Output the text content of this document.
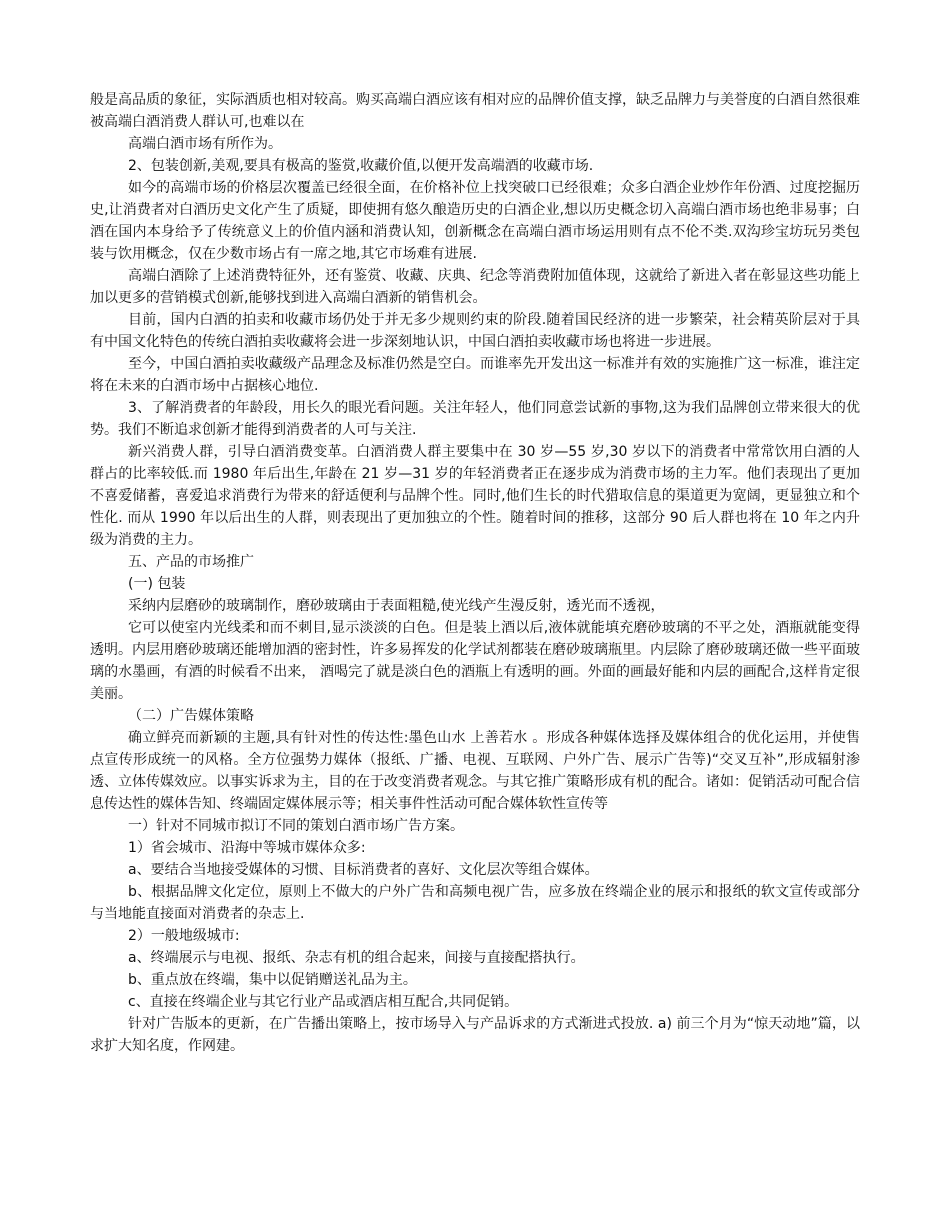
般是高品质的象征，实际酒质也相对较高。购买高端白酒应该有相对应的品牌价值支撑，缺乏品牌力与美誉度的白酒自然很难被高端白酒消费人群认可,也难以在

高端白酒市场有所作为。

2、包装创新,美观,要具有极高的鉴赏,收藏价值,以便开发高端酒的收藏市场.

如今的高端市场的价格层次覆盖已经很全面，在价格补位上找突破口已经很难；众多白酒企业炒作年份酒、过度挖掘历史,让消费者对白酒历史文化产生了质疑，即使拥有悠久酿造历史的白酒企业,想以历史概念切入高端白酒市场也绝非易事；白酒在国内本身给予了传统意义上的价值内涵和消费认知，创新概念在高端白酒市场运用则有点不伦不类.双沟珍宝坊玩另类包装与饮用概念，仅在少数市场占有一席之地,其它市场难有进展.

高端白酒除了上述消费特征外，还有鉴赏、收藏、庆典、纪念等消费附加值体现，这就给了新进入者在彰显这些功能上加以更多的营销模式创新,能够找到进入高端白酒新的销售机会。

目前，国内白酒的拍卖和收藏市场仍处于并无多少规则约束的阶段.随着国民经济的进一步繁荣，社会精英阶层对于具有中国文化特色的传统白酒拍卖收藏将会进一步深刻地认识，中国白酒拍卖收藏市场也将进一步进展。

至今，中国白酒拍卖收藏级产品理念及标准仍然是空白。而谁率先开发出这一标准并有效的实施推广这一标准，谁注定将在未来的白酒市场中占据核心地位.

3、了解消费者的年龄段，用长久的眼光看问题。关注年轻人，他们同意尝试新的事物,这为我们品牌创立带来很大的优势。我们不断追求创新才能得到消费者的人可与关注.

新兴消费人群，引导白酒消费变革。白酒消费人群主要集中在 30 岁—55 岁,30 岁以下的消费者中常常饮用白酒的人群占的比率较低.而 1980 年后出生,年龄在 21 岁—31 岁的年轻消费者正在逐步成为消费市场的主力军。他们表现出了更加不喜爱储蓄，喜爱追求消费行为带来的舒适便利与品牌个性。同时,他们生长的时代猎取信息的渠道更为宽阔，更显独立和个性化. 而从 1990 年以后出生的人群，则表现出了更加独立的个性。随着时间的推移，这部分 90 后人群也将在 10 年之内升级为消费的主力。

五、产品的市场推广

(一) 包装

采纳内层磨砂的玻璃制作，磨砂玻璃由于表面粗糙,使光线产生漫反射，透光而不透视，

它可以使室内光线柔和而不刺目,显示淡淡的白色。但是装上酒以后,液体就能填充磨砂玻璃的不平之处，酒瓶就能变得透明。内层用磨砂玻璃还能增加酒的密封性，许多易挥发的化学试剂都装在磨砂玻璃瓶里。内层除了磨砂玻璃还做一些平面玻璃的水墨画，有酒的时候看不出来， 酒喝完了就是淡白色的酒瓶上有透明的画。外面的画最好能和内层的画配合,这样肯定很美丽。

（二）广告媒体策略

确立鲜亮而新颖的主题,具有针对性的传达性:墨色山水 上善若水 。形成各种媒体选择及媒体组合的优化运用，并使售点宣传形成统一的风格。全方位强势力媒体（报纸、广播、电视、互联网、户外广告、展示广告等)“交叉互补”,形成辐射渗透、立体传媒效应。以事实诉求为主，目的在于改变消费者观念。与其它推广策略形成有机的配合。诸如：促销活动可配合信息传达性的媒体告知、终端固定媒体展示等；相关事件性活动可配合媒体软性宣传等

一）针对不同城市拟订不同的策划白酒市场广告方案。

1）省会城市、沿海中等城市媒体众多:

a、要结合当地接受媒体的习惯、目标消费者的喜好、文化层次等组合媒体。

b、根据品牌文化定位，原则上不做大的户外广告和高频电视广告，应多放在终端企业的展示和报纸的软文宣传或部分与当地能直接面对消费者的杂志上.

2）一般地级城市:

a、终端展示与电视、报纸、杂志有机的组合起来，间接与直接配搭执行。

b、重点放在终端，集中以促销赠送礼品为主。

c、直接在终端企业与其它行业产品或酒店相互配合,共同促销。

针对广告版本的更新，在广告播出策略上，按市场导入与产品诉求的方式渐进式投放. a) 前三个月为“惊天动地”篇，以求扩大知名度，作网建。
